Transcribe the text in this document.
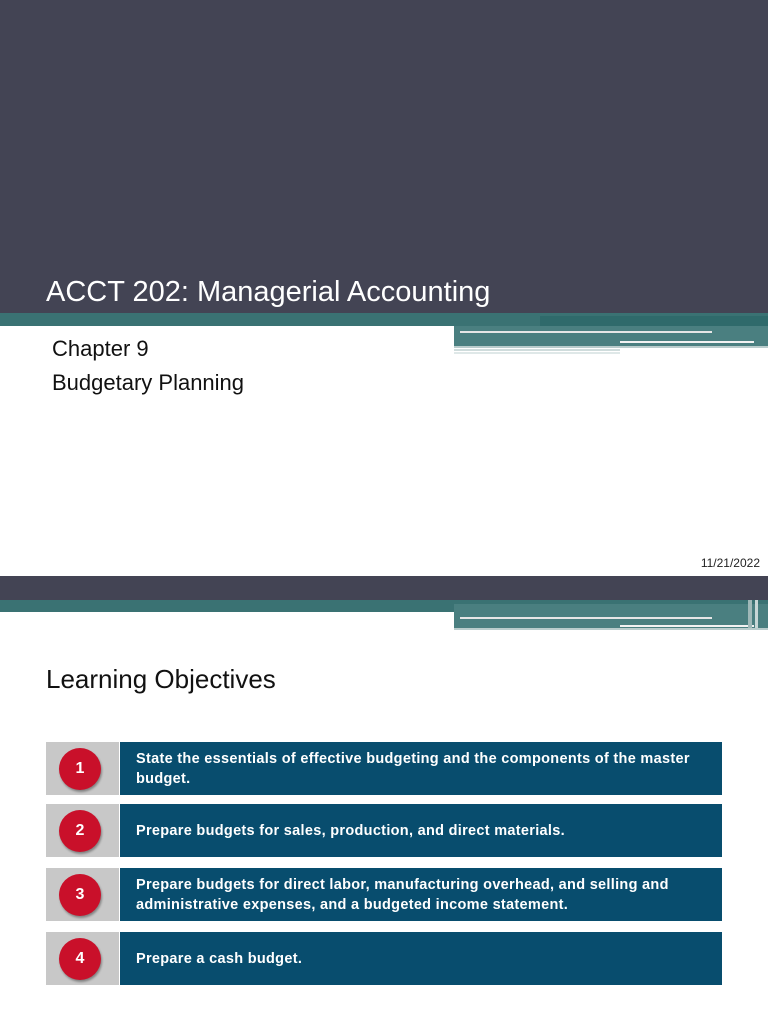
ACCT 202: Managerial Accounting
Chapter 9
Budgetary Planning
11/21/2022
Learning Objectives
1
State the essentials of effective budgeting and the components of the master budget.
2	Prepare budgets for sales, production, and direct materials.
3
Prepare budgets for direct labor, manufacturing overhead, and selling and administrative expenses, and a budgeted income statement.
4	Prepare a cash budget.
